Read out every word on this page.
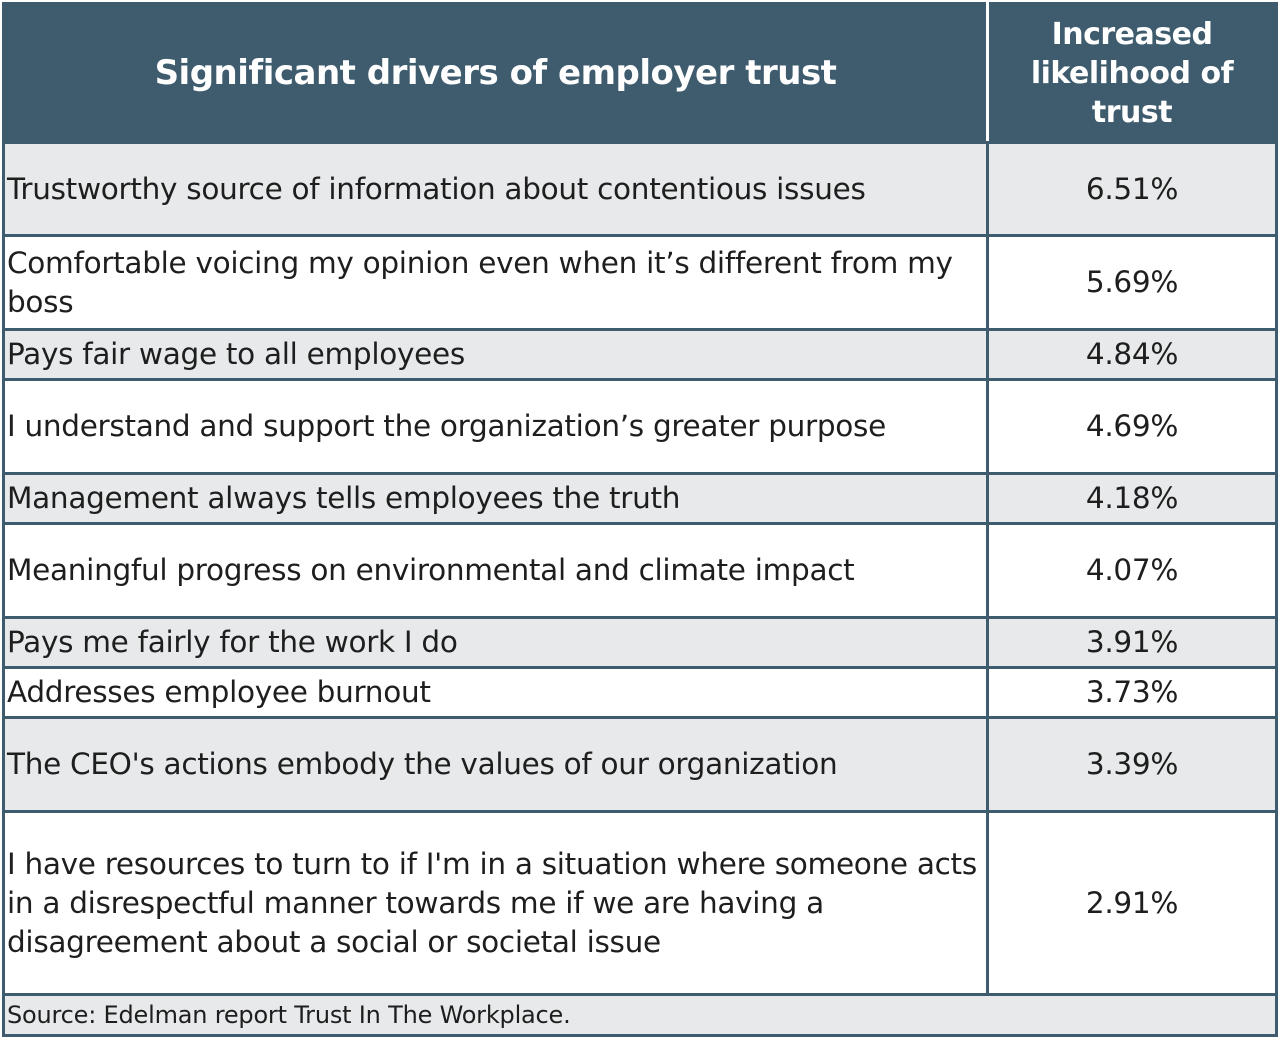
Significant drivers of employer trust	Increased likelihood of trust
Trustworthy source of information about contentious issues	6.51%
Comfortable voicing my opinion even when it’s different from my boss	5.69%
Pays fair wage to all employees	4.84%
I understand and support the organization’s greater purpose	4.69%
Management always tells employees the truth	4.18%
Meaningful progress on environmental and climate impact	4.07%
Pays me fairly for the work I do	3.91%
Addresses employee burnout	3.73%
The CEO's actions embody the values of our organization	3.39%
I have resources to turn to if I'm in a situation where someone acts in a disrespectful manner towards me if we are having a disagreement about a social or societal issue	2.91%
Source: Edelman report Trust In The Workplace.	
